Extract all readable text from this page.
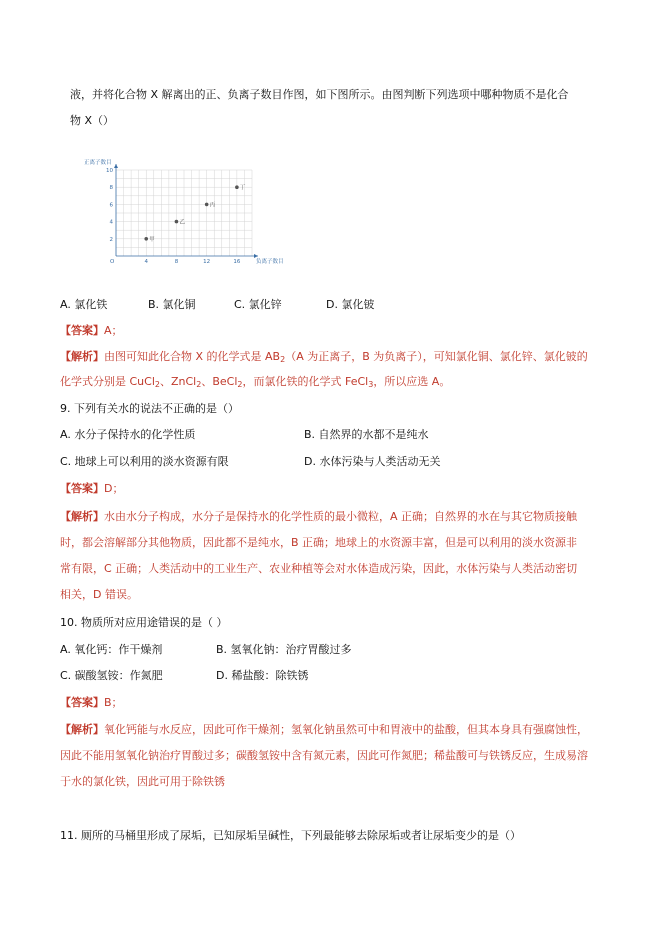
液，并将化合物 X 解离出的正、负离子数目作图，如下图所示。由图判断下列选项中哪种物质不是化合
物 X（）
4	8	12	16
2
4
6
8
10
甲
乙
丙
丁
正离子数目
负离子数目
O
A. 氯化铁	B. 氯化铜	C. 氯化锌	D. 氯化铍
【答案】A；
【解析】由图可知此化合物 X 的化学式是 $AB_2(A$ 为正离子，B 为负离子），可知氯化铜、氯化锌、氯化铍的
化学式分别是 CuCl$_2$、ZnCl$_2$、BeCl$_2$，而氯化铁的化学式 FeCl$_3$，所以应选 A。
9. 下列有关水的说法不正确的是（）
A. 水分子保持水的化学性质	B. 自然界的水都不是纯水
C. 地球上可以利用的淡水资源有限	D. 水体污染与人类活动无关
【答案】D；
【解析】水由水分子构成，水分子是保持水的化学性质的最小微粒，A 正确；自然界的水在与其它物质接触
时，都会溶解部分其他物质，因此都不是纯水，B 正确；地球上的水资源丰富，但是可以利用的淡水资源非
常有限，C 正确；人类活动中的工业生产、农业种植等会对水体造成污染，因此，水体污染与人类活动密切
相关，D 错误。
10. 物质所对应用途错误的是（ ）
A. 氧化钙：作干燥剂	B. 氢氧化钠：治疗胃酸过多
C. 碳酸氢铵：作氮肥	D. 稀盐酸：除铁锈
【答案】B；
【解析】氧化钙能与水反应，因此可作干燥剂；氢氧化钠虽然可中和胃液中的盐酸，但其本身具有强腐蚀性，
因此不能用氢氧化钠治疗胃酸过多；碳酸氢铵中含有氮元素，因此可作氮肥；稀盐酸可与铁锈反应，生成易溶
于水的氯化铁，因此可用于除铁锈
11. 厕所的马桶里形成了尿垢，已知尿垢呈碱性，下列最能够去除尿垢或者让尿垢变少的是（）
